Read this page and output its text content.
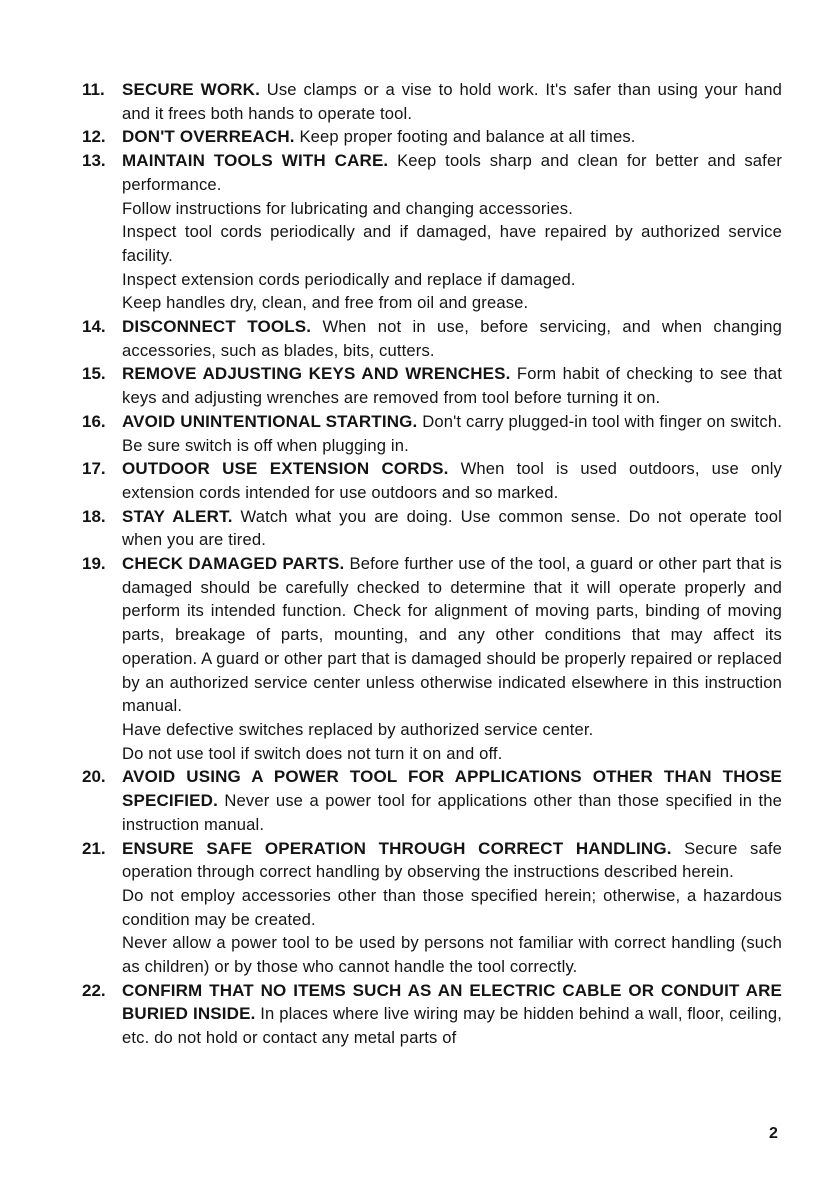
11. SECURE WORK. Use clamps or a vise to hold work. It's safer than using your hand and it frees both hands to operate tool.
12. DON'T OVERREACH. Keep proper footing and balance at all times.
13. MAINTAIN TOOLS WITH CARE. Keep tools sharp and clean for better and safer performance.
Follow instructions for lubricating and changing accessories.
Inspect tool cords periodically and if damaged, have repaired by authorized service facility.
Inspect extension cords periodically and replace if damaged.
Keep handles dry, clean, and free from oil and grease.
14. DISCONNECT TOOLS. When not in use, before servicing, and when changing accessories, such as blades, bits, cutters.
15. REMOVE ADJUSTING KEYS AND WRENCHES. Form habit of checking to see that keys and adjusting wrenches are removed from tool before turning it on.
16. AVOID UNINTENTIONAL STARTING. Don't carry plugged-in tool with finger on switch. Be sure switch is off when plugging in.
17. OUTDOOR USE EXTENSION CORDS. When tool is used outdoors, use only extension cords intended for use outdoors and so marked.
18. STAY ALERT. Watch what you are doing. Use common sense. Do not operate tool when you are tired.
19. CHECK DAMAGED PARTS. Before further use of the tool, a guard or other part that is damaged should be carefully checked to determine that it will operate properly and perform its intended function. Check for alignment of moving parts, binding of moving parts, breakage of parts, mounting, and any other conditions that may affect its operation. A guard or other part that is damaged should be properly repaired or replaced by an authorized service center unless otherwise indicated elsewhere in this instruction manual.
Have defective switches replaced by authorized service center.
Do not use tool if switch does not turn it on and off.
20. AVOID USING A POWER TOOL FOR APPLICATIONS OTHER THAN THOSE SPECIFIED. Never use a power tool for applications other than those specified in the instruction manual.
21. ENSURE SAFE OPERATION THROUGH CORRECT HANDLING. Secure safe operation through correct handling by observing the instructions described herein.
Do not employ accessories other than those specified herein; otherwise, a hazardous condition may be created.
Never allow a power tool to be used by persons not familiar with correct handling (such as children) or by those who cannot handle the tool correctly.
22. CONFIRM THAT NO ITEMS SUCH AS AN ELECTRIC CABLE OR CONDUIT ARE BURIED INSIDE. In places where live wiring may be hidden behind a wall, floor, ceiling, etc. do not hold or contact any metal parts of
2
